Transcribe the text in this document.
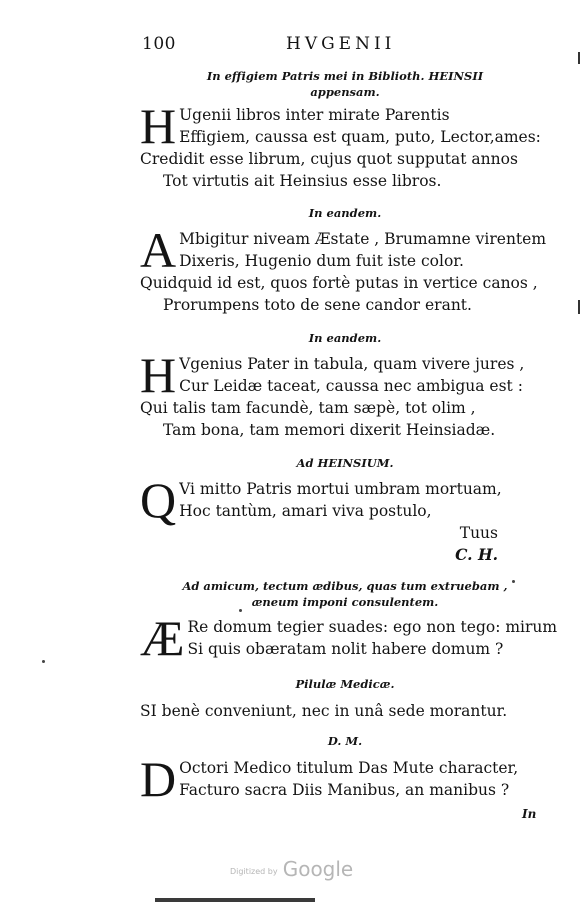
100	HVGENII
In effigiem Patris mei in Biblioth. HEINSII
appensam.
H Ugenii libros inter mirate Parentis
Effigiem, caussa est quam, puto, Lector,ames:
Credidit esse librum, cujus quot supputat annos
Tot virtutis ait Heinsius esse libros.
In eandem.
A Mbigitur niveam Æstate , Brumamne virentem
Dixeris, Hugenio dum fuit iste color.
Quidquid id est, quos fortè putas in vertice canos ,
Prorumpens toto de sene candor erant.
In eandem.
H Vgenius Pater in tabula, quam vivere jures ,
Cur Leidæ taceat, caussa nec ambigua est :
Qui talis tam facundè, tam sæpè, tot olim ,
Tam bona, tam memori dixerit Heinsiadæ.
Ad HEINSIUM.
Q Vi mitto Patris mortui umbram mortuam,
Hoc tantùm, amari viva postulo,
Tuus
C. H.
Ad amicum, tectum ædibus, quas tum extruebam ,
æneum imponi consulentem.
Æ Re domum tegier suades: ego non tego: mirum
Si quis obæratam nolit habere domum ?
Pilulæ Medicæ.
SI benè conveniunt, nec in unâ sede morantur.
D. M.
D Octori Medico titulum Das Mute character,
Facturo sacra Diis Manibus, an manibus ?
In
Digitized by Google
